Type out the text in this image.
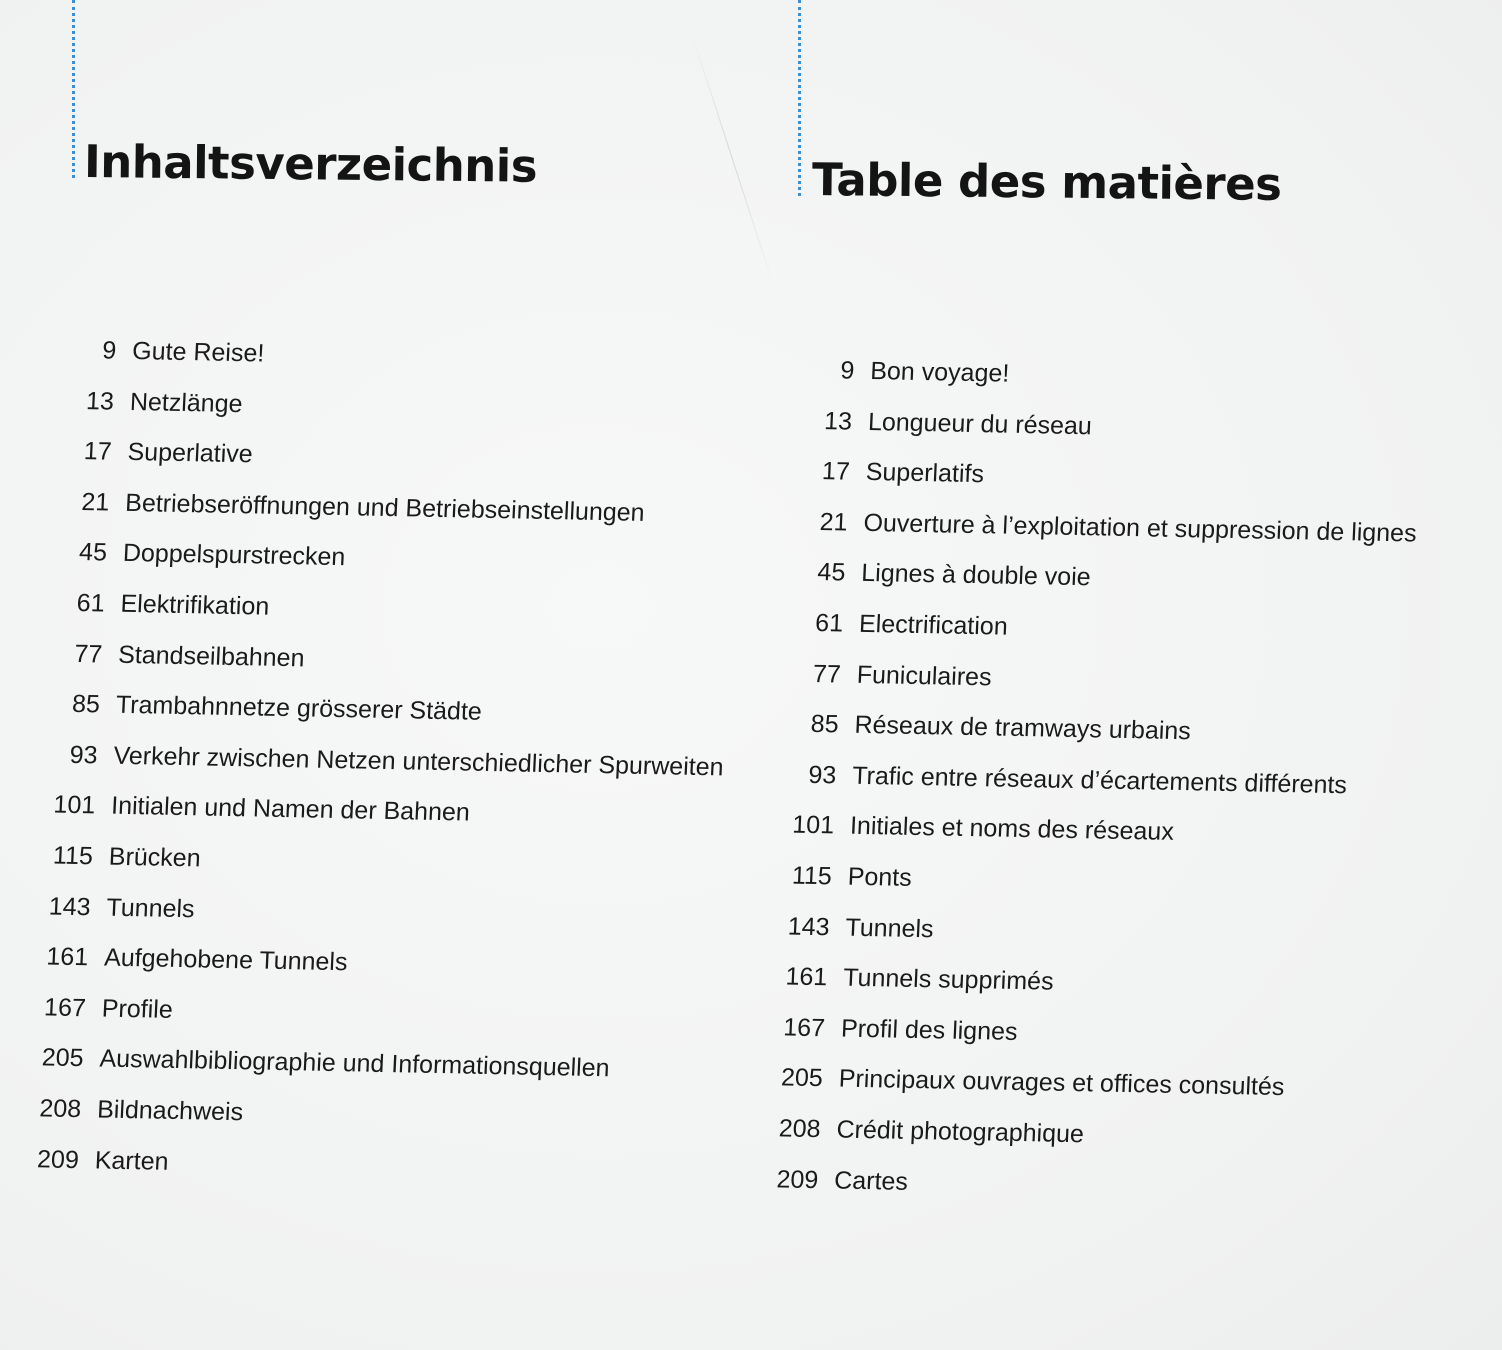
Inhaltsverzeichnis
9 Gute Reise!
13 Netzlänge
17 Superlative
21 Betriebseröffnungen und Betriebseinstellungen
45 Doppelspurstrecken
61 Elektrifikation
77 Standseilbahnen
85 Trambahnnetze grösserer Städte
93 Verkehr zwischen Netzen unterschiedlicher Spurweiten
101 Initialen und Namen der Bahnen
115 Brücken
143 Tunnels
161 Aufgehobene Tunnels
167 Profile
205 Auswahlbibliographie und Informationsquellen
208 Bildnachweis
209 Karten
Table des matières
9 Bon voyage!
13 Longueur du réseau
17 Superlatifs
21 Ouverture à l’exploitation et suppression de lignes
45 Lignes à double voie
61 Electrification
77 Funiculaires
85 Réseaux de tramways urbains
93 Trafic entre réseaux d’écartements différents
101 Initiales et noms des réseaux
115 Ponts
143 Tunnels
161 Tunnels supprimés
167 Profil des lignes
205 Principaux ouvrages et offices consultés
208 Crédit photographique
209 Cartes
